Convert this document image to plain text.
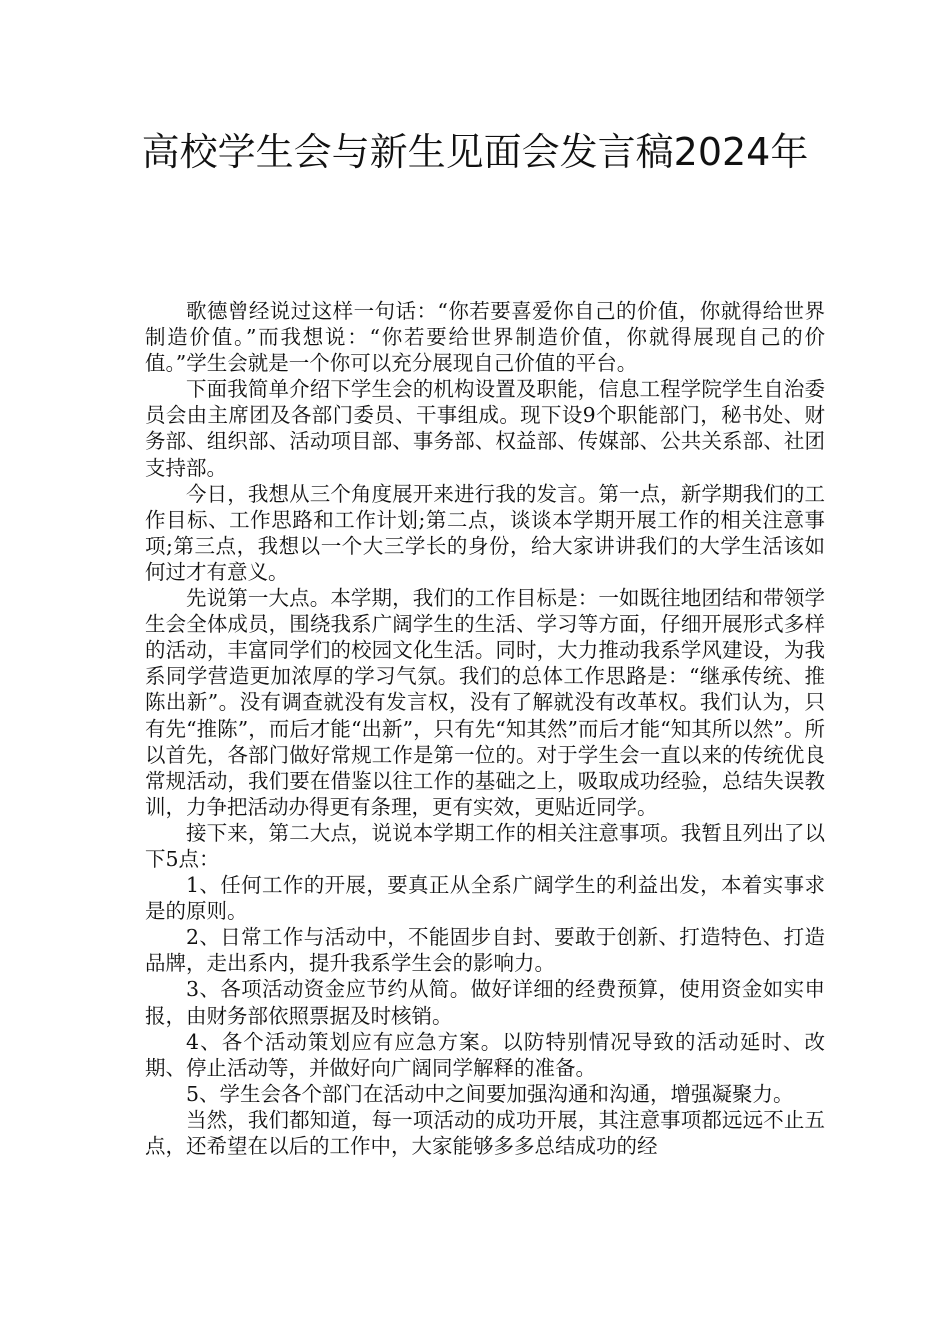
高校学生会与新生见面会发言稿2024年

歌德曾经说过这样一句话：“你若要喜爱你自己的价值，你就得给世界制造价值。”而我想说：“你若要给世界制造价值，你就得展现自己的价值。”学生会就是一个你可以充分展现自己价值的平台。

下面我简单介绍下学生会的机构设置及职能，信息工程学院学生自治委员会由主席团及各部门委员、干事组成。现下设9个职能部门，秘书处、财务部、组织部、活动项目部、事务部、权益部、传媒部、公共关系部、社团支持部。

今日，我想从三个角度展开来进行我的发言。第一点，新学期我们的工作目标、工作思路和工作计划;第二点，谈谈本学期开展工作的相关注意事项;第三点，我想以一个大三学长的身份，给大家讲讲我们的大学生活该如何过才有意义。

先说第一大点。本学期，我们的工作目标是：一如既往地团结和带领学生会全体成员，围绕我系广阔学生的生活、学习等方面，仔细开展形式多样的活动，丰富同学们的校园文化生活。同时，大力推动我系学风建设，为我系同学营造更加浓厚的学习气氛。我们的总体工作思路是：“继承传统、推陈出新”。没有调查就没有发言权，没有了解就没有改革权。我们认为，只有先“推陈”，而后才能“出新”，只有先“知其然”而后才能“知其所以然”。所以首先，各部门做好常规工作是第一位的。对于学生会一直以来的传统优良常规活动，我们要在借鉴以往工作的基础之上，吸取成功经验，总结失误教训，力争把活动办得更有条理，更有实效，更贴近同学。

接下来，第二大点，说说本学期工作的相关注意事项。我暂且列出了以下5点：

1、任何工作的开展，要真正从全系广阔学生的利益出发，本着实事求是的原则。

2、日常工作与活动中，不能固步自封、要敢于创新、打造特色、打造品牌，走出系内，提升我系学生会的影响力。

3、各项活动资金应节约从简。做好详细的经费预算，使用资金如实申报，由财务部依照票据及时核销。

4、各个活动策划应有应急方案。以防特别情况导致的活动延时、改期、停止活动等，并做好向广阔同学解释的准备。

5、学生会各个部门在活动中之间要加强沟通和沟通，增强凝聚力。

当然，我们都知道，每一项活动的成功开展，其注意事项都远远不止五点，还希望在以后的工作中，大家能够多多总结成功的经
